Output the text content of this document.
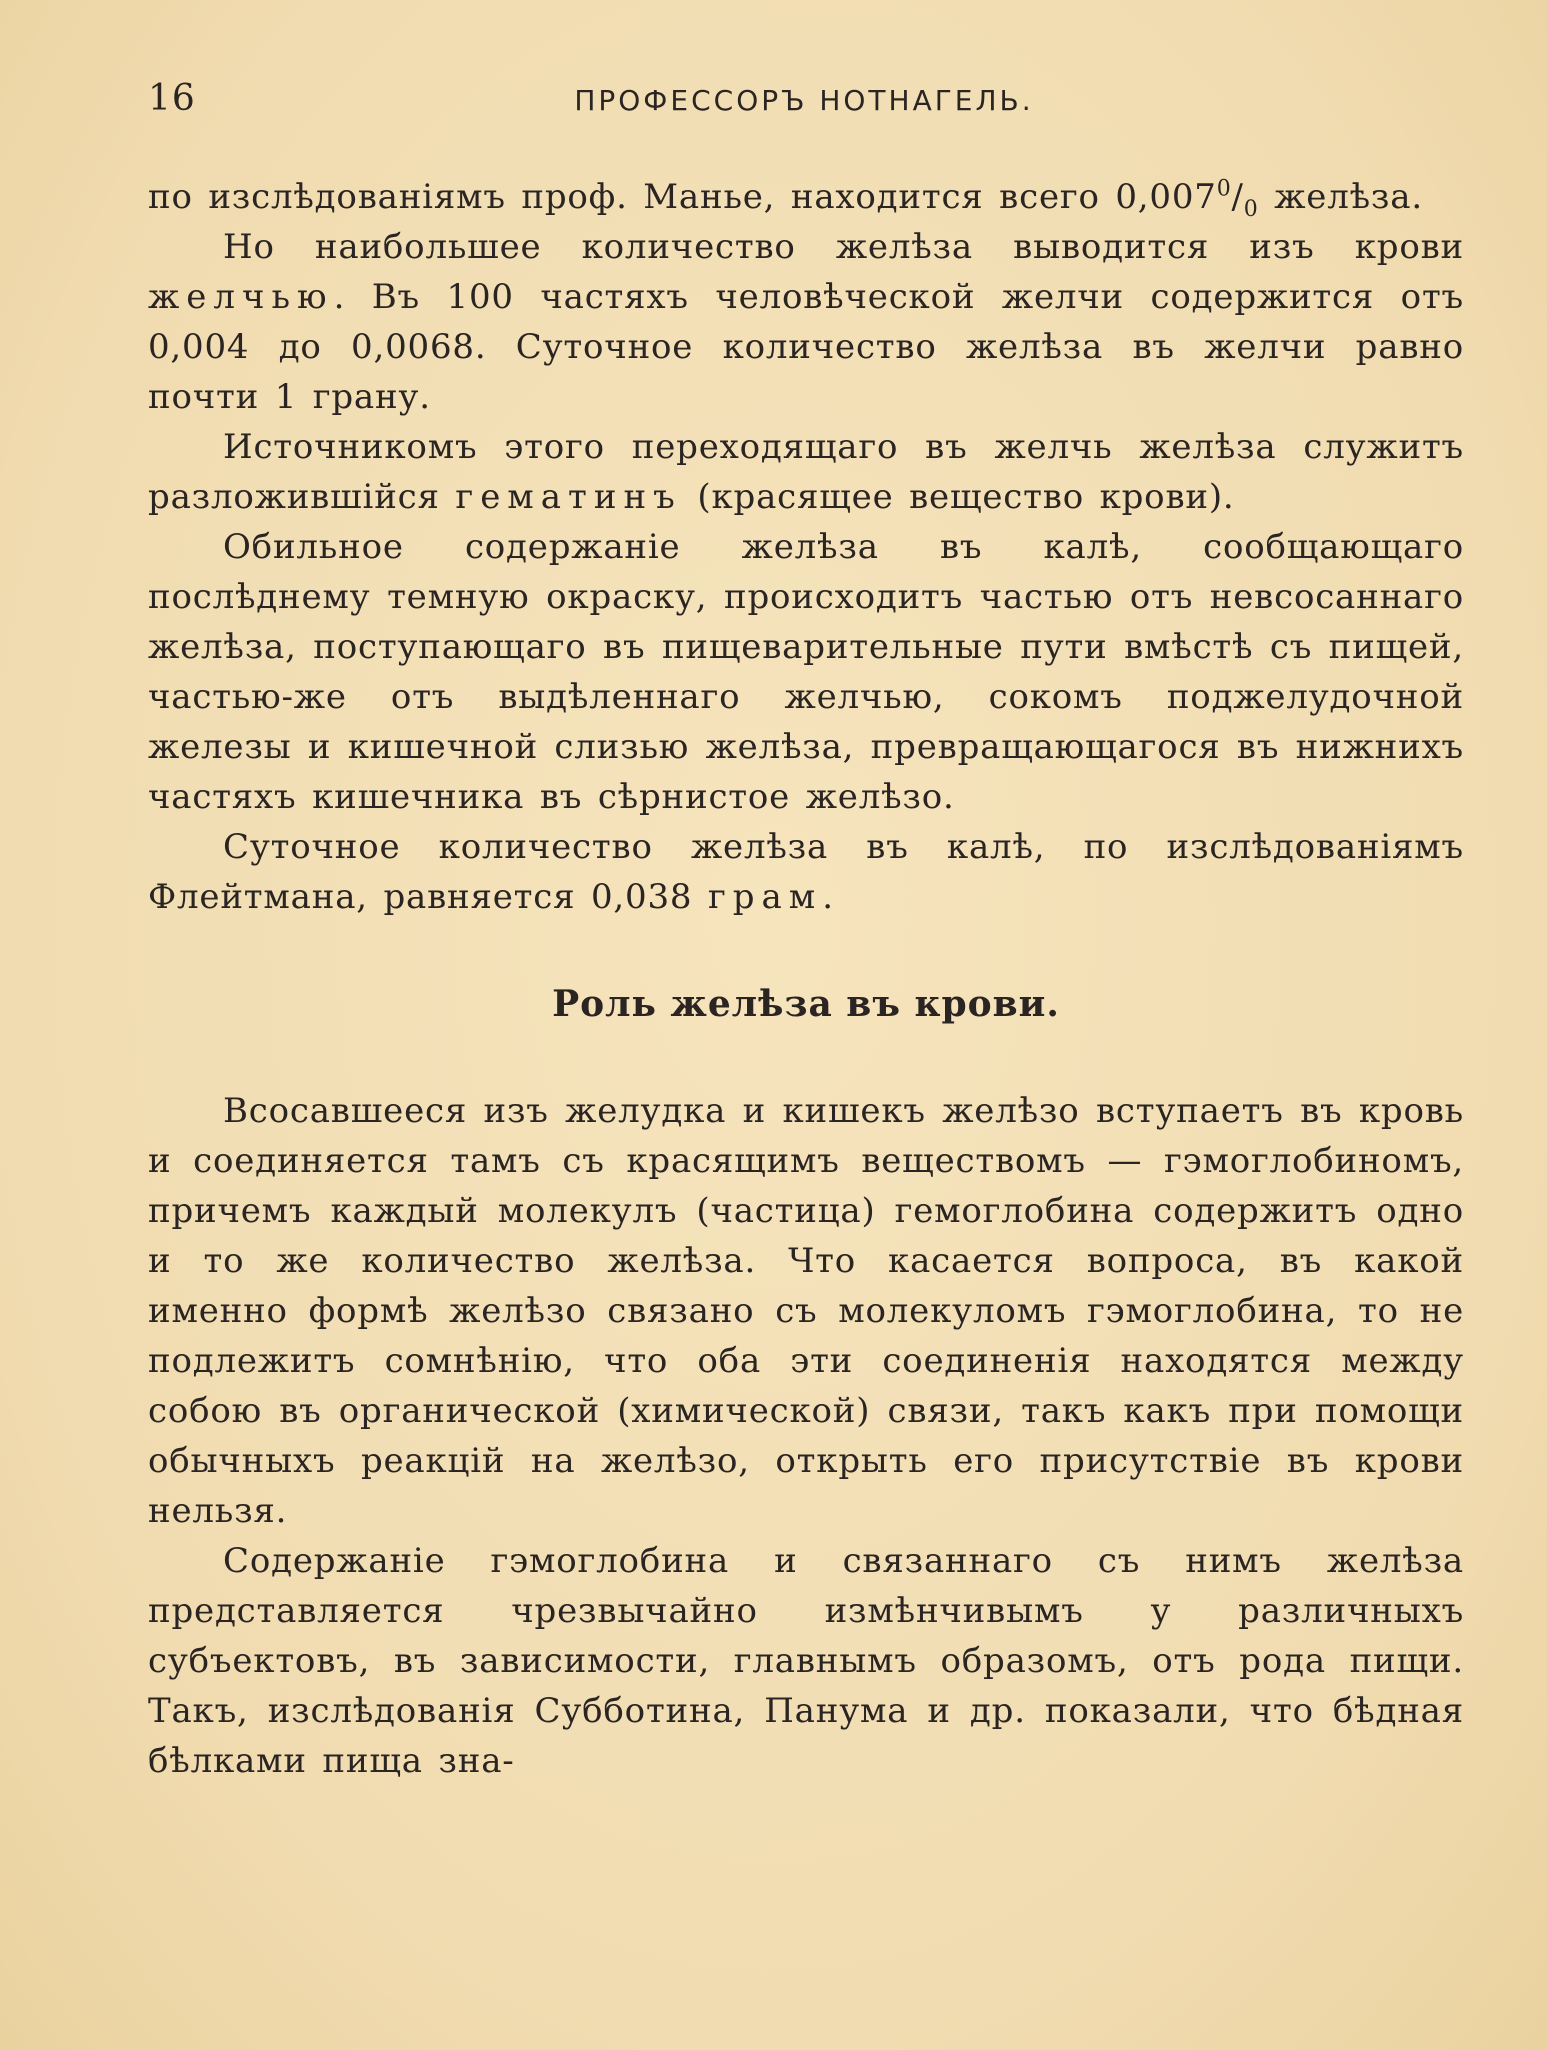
16	ПРОФЕССОРЪ НОТНАГЕЛЬ.

по изслѣдованіямъ проф. Манье, находится всего $0,007^0/_0$ желѣза.

Но наибольшее количество желѣза выводится изъ крови желчью. Въ 100 частяхъ человѣческой желчи содержится отъ 0,004 до 0,0068. Суточное количество желѣза въ желчи равно почти 1 грану.

Источникомъ этого переходящаго въ желчь желѣза служитъ разложившійся гематинъ (красящее вещество крови).

Обильное содержаніе желѣза въ калѣ, сообщающаго послѣднему темную окраску, происходитъ частью отъ невсосаннаго желѣза, поступающаго въ пищеварительные пути вмѣстѣ съ пищей, частью-же отъ выдѣленнаго желчью, сокомъ поджелудочной железы и кишечной слизью желѣза, превращающагося въ нижнихъ частяхъ кишечника въ сѣрнистое желѣзо.

Суточное количество желѣза въ калѣ, по изслѣдованіямъ Флейтмана, равняется 0,038 грам.

Роль желѣза въ крови.

Всосавшееся изъ желудка и кишекъ желѣзо вступаетъ въ кровь и соединяется тамъ съ красящимъ веществомъ — гэмоглобиномъ, причемъ каждый молекулъ (частица) гемоглобина содержитъ одно и то же количество желѣза. Что касается вопроса, въ какой именно формѣ желѣзо связано съ молекуломъ гэмоглобина, то не подлежитъ сомнѣнію, что оба эти соединенія находятся между собою въ органической (химической) связи, такъ какъ при помощи обычныхъ реакцій на желѣзо, открыть его присутствіе въ крови нельзя.

Содержаніе гэмоглобина и связаннаго съ нимъ желѣза представляется чрезвычайно измѣнчивымъ у различныхъ субъектовъ, въ зависимости, главнымъ образомъ, отъ рода пищи. Такъ, изслѣдованія Субботина, Панума и др. показали, что бѣдная бѣлками пища зна-
